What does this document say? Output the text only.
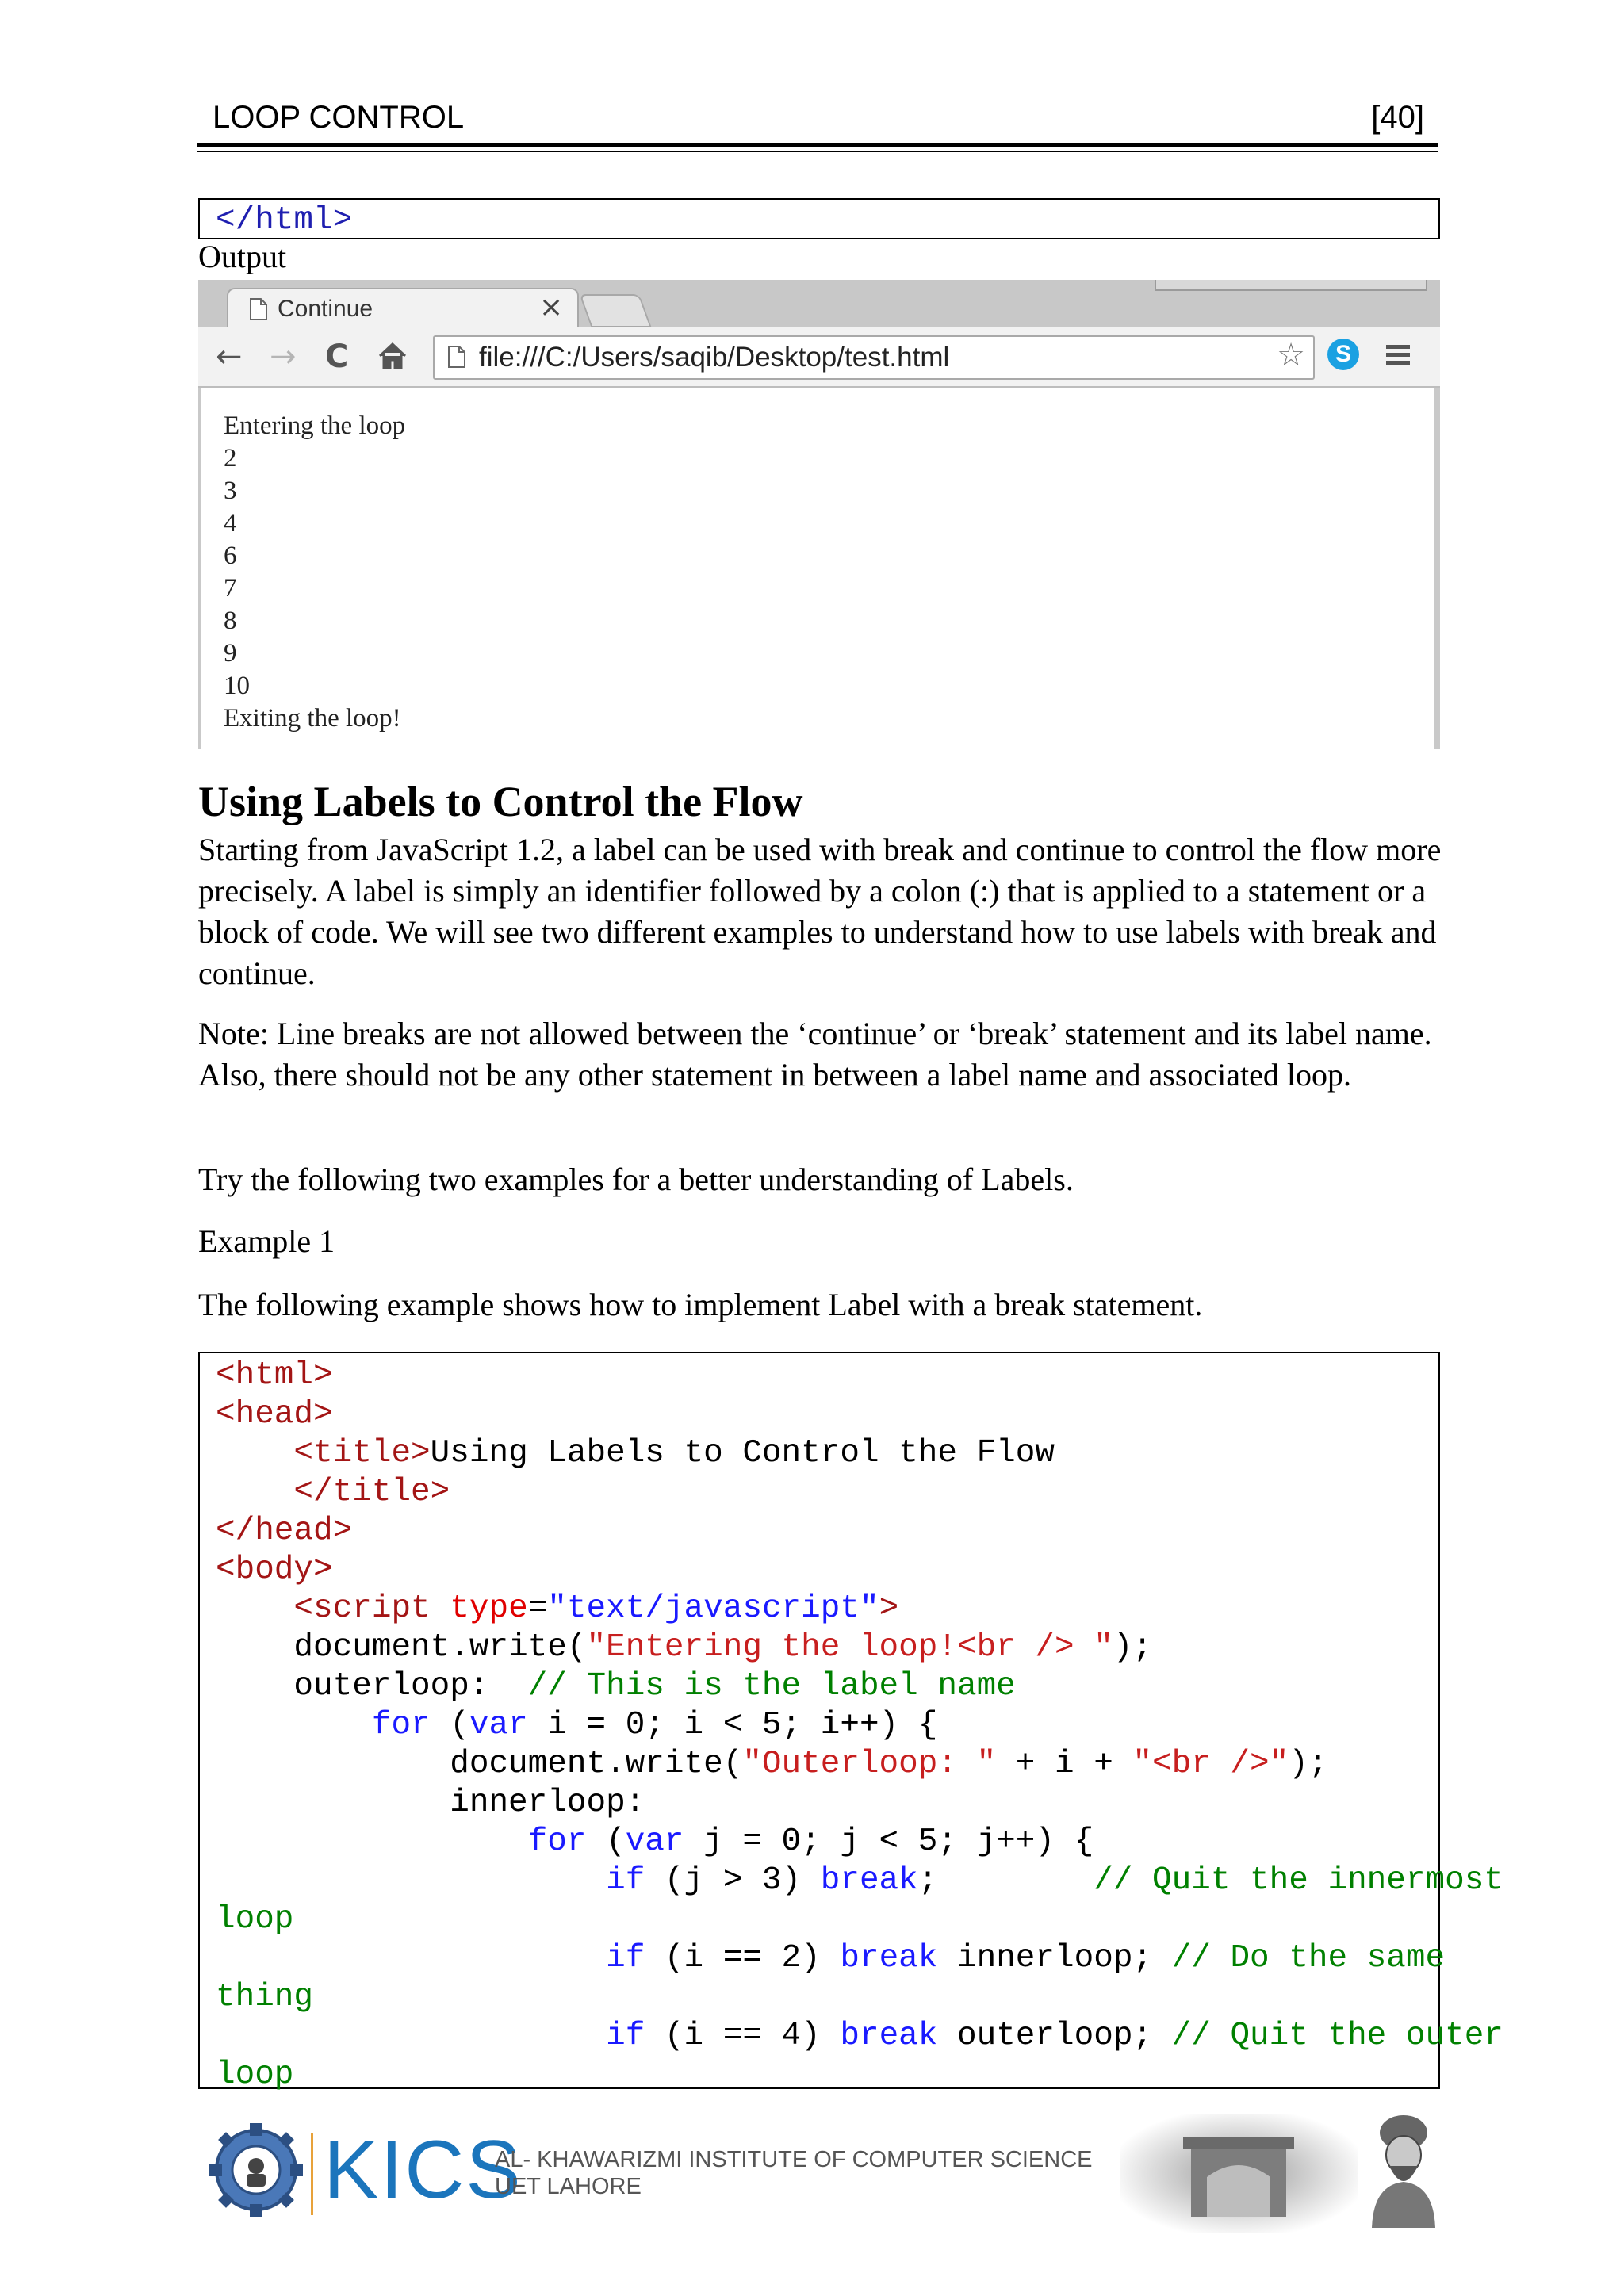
LOOP CONTROL	[40]
</html>
Output
Continue	×
← → C	file:///C:/Users/saqib/Desktop/test.html	☆	S
Entering the loop
2
3
4
6
7
8
9
10
Exiting the loop!
Using Labels to Control the Flow
Starting from JavaScript 1.2, a label can be used with break and continue to control the flow more precisely. A label is simply an identifier followed by a colon (:) that is applied to a statement or a block of code. We will see two different examples to understand how to use labels with break and continue.
Note: Line breaks are not allowed between the ‘continue’ or ‘break’ statement and its label name. Also, there should not be any other statement in between a label name and associated loop.
Try the following two examples for a better understanding of Labels.
Example 1
The following example shows how to implement Label with a break statement.
<html>
<head>
<title>Using Labels to Control the Flow
</title>
</head>
<body>
<script type="text/javascript">
document.write("Entering the loop!<br /> ");
outerloop:  // This is the label name
for (var i = 0; i < 5; i++) {
document.write("Outerloop: " + i + "<br />");
innerloop:
for (var j = 0; j < 5; j++) {
if (j > 3) break;        // Quit the innermost
loop
if (i == 2) break innerloop; // Do the same
thing
if (i == 4) break outerloop; // Quit the outer
loop
KICS
AL- KHAWARIZMI INSTITUTE OF COMPUTER SCIENCE
UET LAHORE
